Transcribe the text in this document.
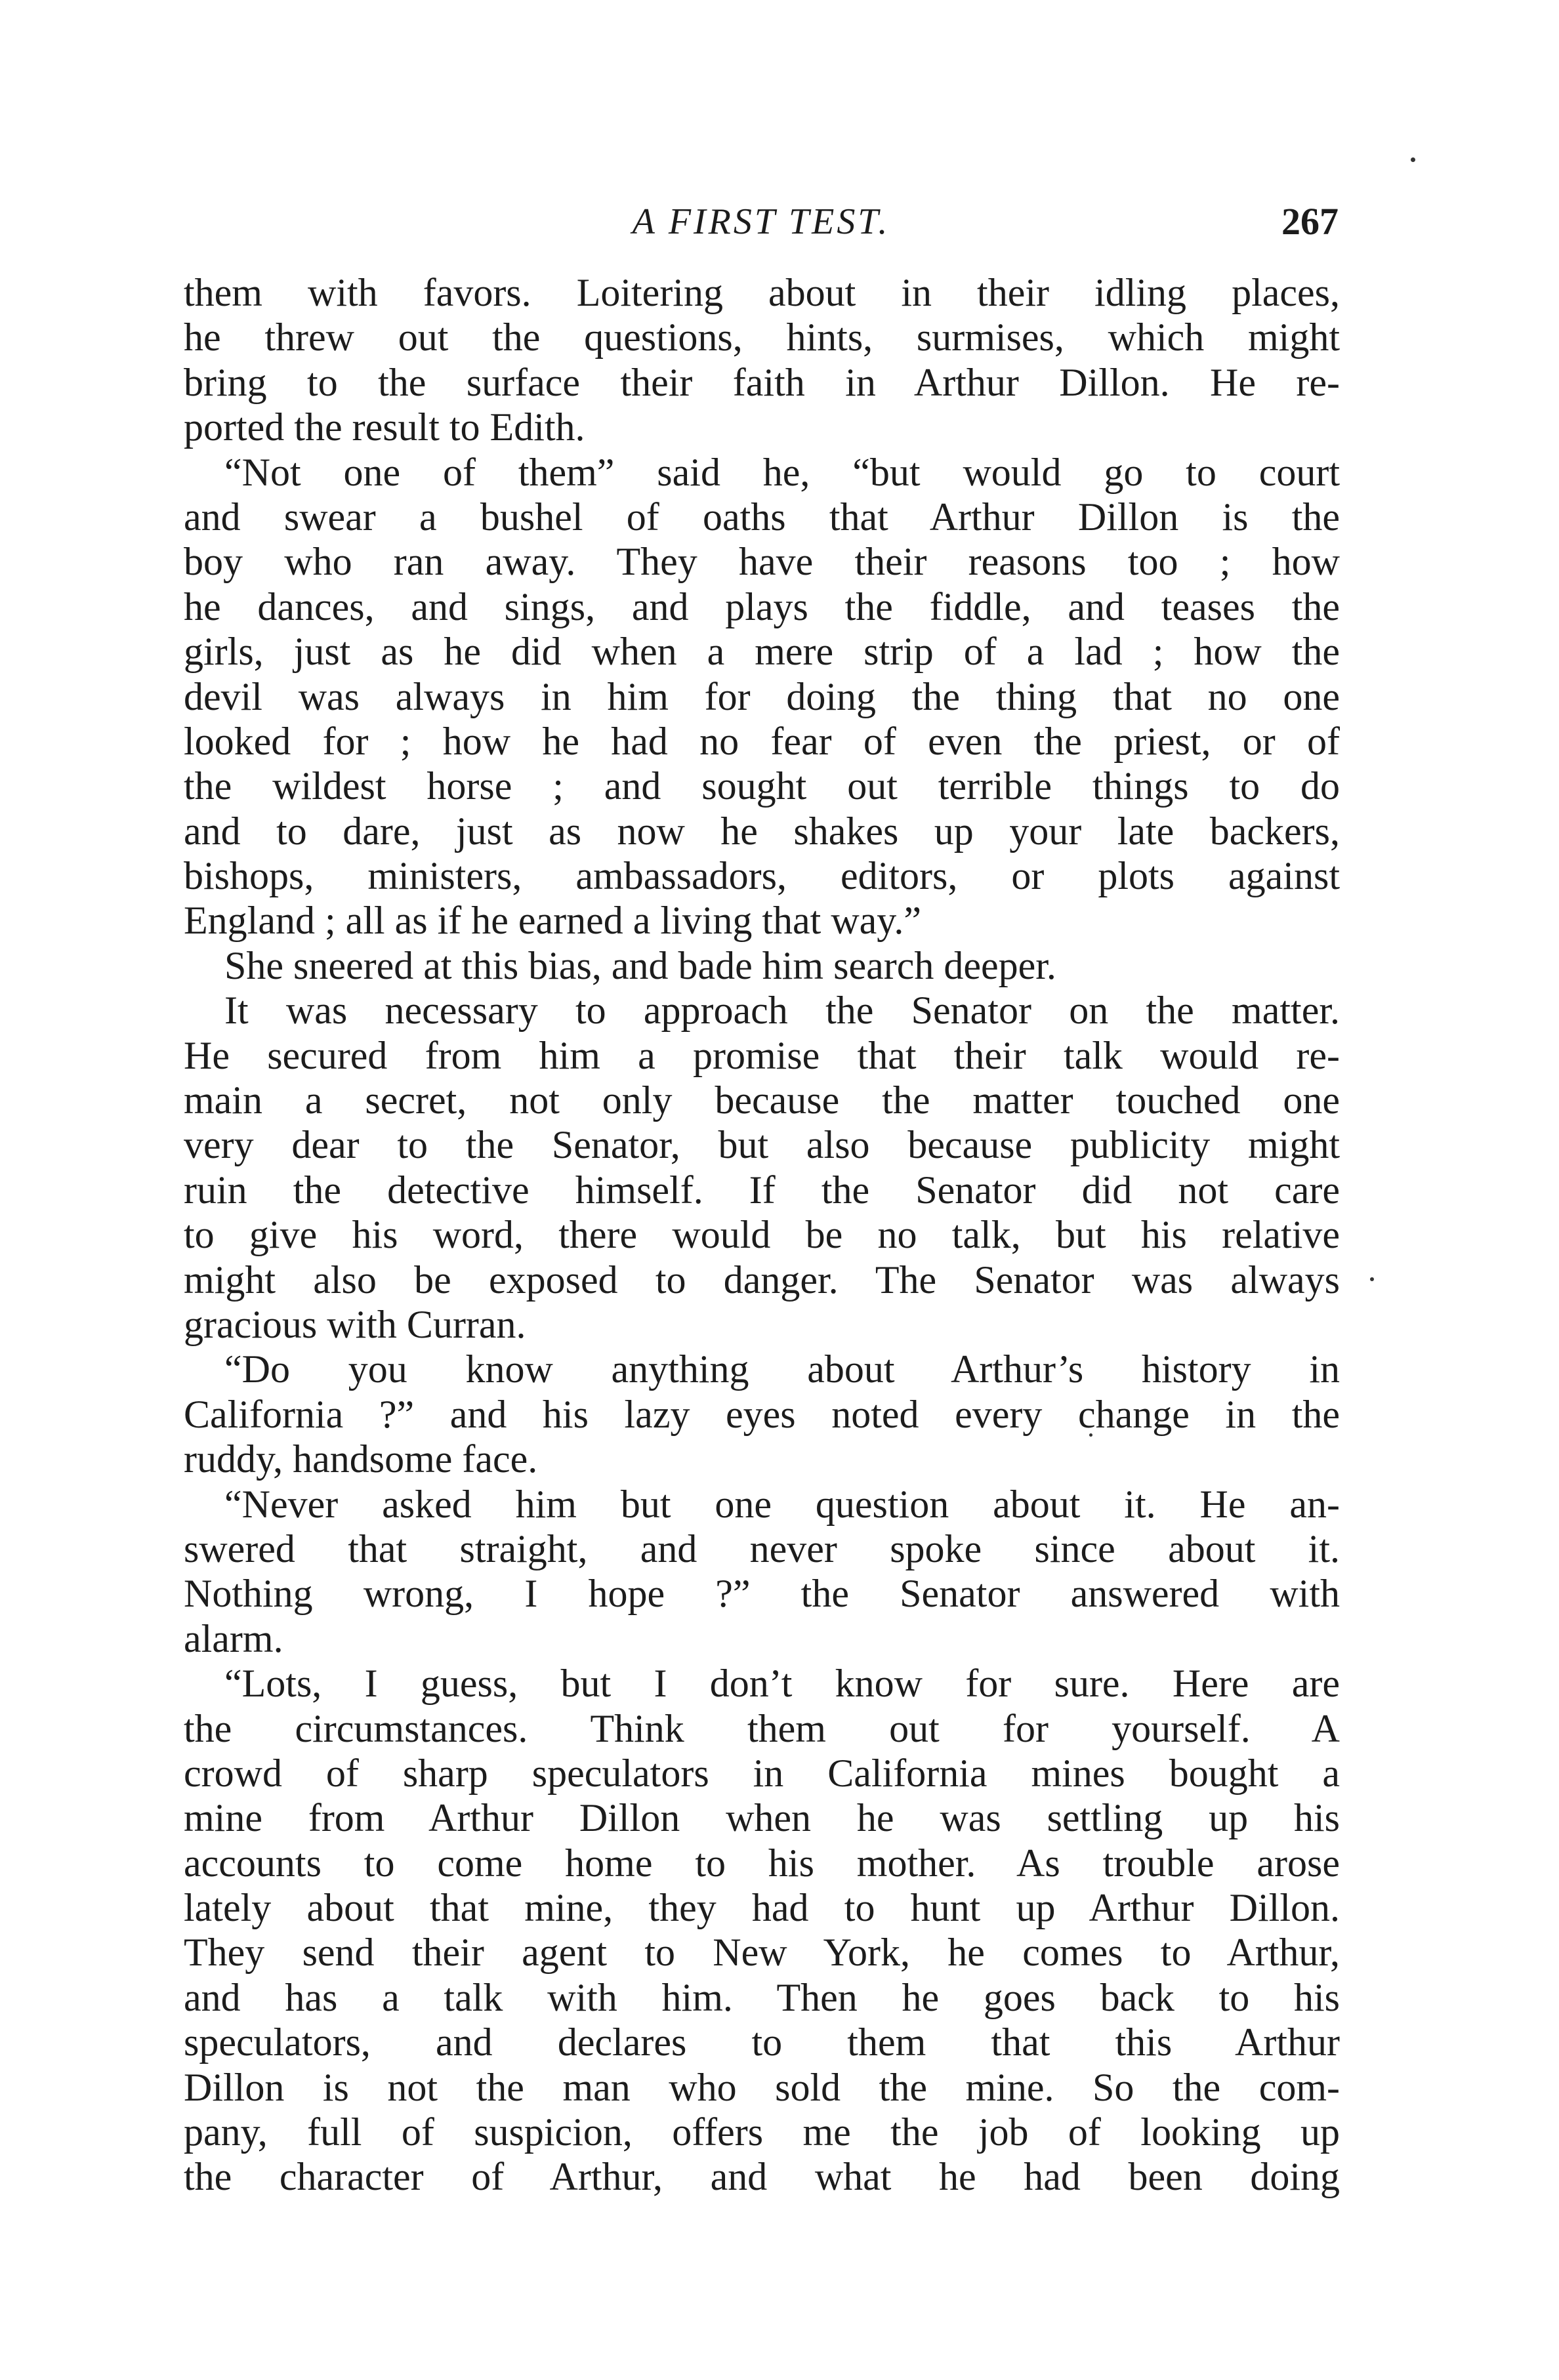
A FIRST TEST.	267
them with favors. Loitering about in their idling places,
he threw out the questions, hints, surmises, which might
bring to the surface their faith in Arthur Dillon. He re-
ported the result to Edith.
“Not one of them” said he, “but would go to court
and swear a bushel of oaths that Arthur Dillon is the
boy who ran away. They have their reasons too ; how
he dances, and sings, and plays the fiddle, and teases the
girls, just as he did when a mere strip of a lad ; how the
devil was always in him for doing the thing that no one
looked for ; how he had no fear of even the priest, or of
the wildest horse ; and sought out terrible things to do
and to dare, just as now he shakes up your late backers,
bishops, ministers, ambassadors, editors, or plots against
England ; all as if he earned a living that way.”
She sneered at this bias, and bade him search deeper.
It was necessary to approach the Senator on the matter.
He secured from him a promise that their talk would re-
main a secret, not only because the matter touched one
very dear to the Senator, but also because publicity might
ruin the detective himself. If the Senator did not care
to give his word, there would be no talk, but his relative
might also be exposed to danger. The Senator was always
gracious with Curran.
“Do you know anything about Arthur’s history in
California ?” and his lazy eyes noted every change in the
ruddy, handsome face.
“Never asked him but one question about it. He an-
swered that straight, and never spoke since about it.
Nothing wrong, I hope ?” the Senator answered with
alarm.
“Lots, I guess, but I don’t know for sure. Here are
the circumstances. Think them out for yourself. A
crowd of sharp speculators in California mines bought a
mine from Arthur Dillon when he was settling up his
accounts to come home to his mother. As trouble arose
lately about that mine, they had to hunt up Arthur Dillon.
They send their agent to New York, he comes to Arthur,
and has a talk with him. Then he goes back to his
speculators, and declares to them that this Arthur
Dillon is not the man who sold the mine. So the com-
pany, full of suspicion, offers me the job of looking up
the character of Arthur, and what he had been doing
